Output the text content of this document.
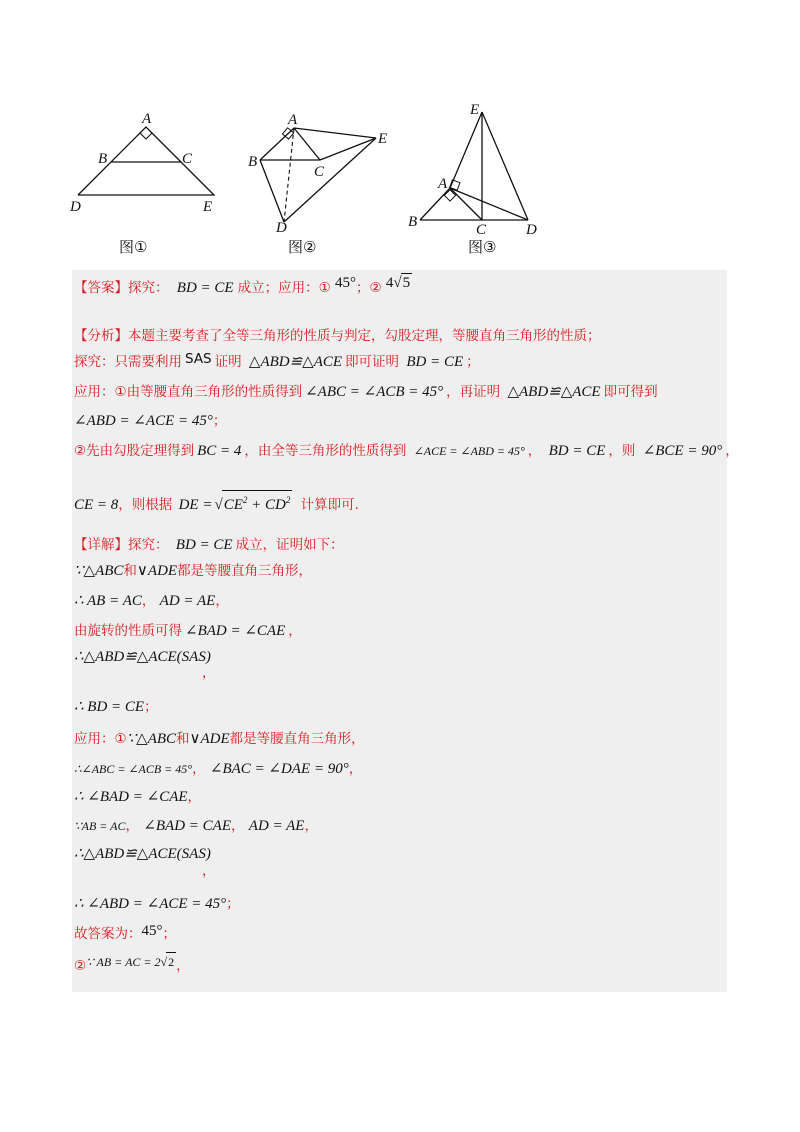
A
B	C
D	E
图①
A
B
C
D
E
图②
E
A
B	C	D
图③
【答案】探究： BD = CE 成立；应用：① 45°；② 4√5
【分析】本题主要考查了全等三角形的性质与判定，勾股定理，等腰直角三角形的性质；
探究：只需要利用 SAS 证明 △ABD≌△ACE 即可证明 BD = CE ；
应用：①由等腰直角三角形的性质得到 ∠ABC = ∠ACB = 45° ，再证明 △ABD≌△ACE 即可得到
∠ABD = ∠ACE = 45°；
②先由勾股定理得到 BC = 4 ，由全等三角形的性质得到 ∠ACE = ∠ABD = 45° ， BD = CE ，则 ∠BCE = 90° ，
CE = 8，则根据 DE = $√CE^2 + CD^2$ 计算即可.
【详解】探究： BD = CE 成立，证明如下：
∵△ABC和∨ADE都是等腰直角三角形，
∴ AB = AC， AD = AE，
由旋转的性质可得 ∠BAD = ∠CAE ，
∴△ABD≌△ACE(SAS)
，
∴ BD = CE；
应用：①∵△ABC和∨ADE都是等腰直角三角形，
∴∠ABC = ∠ACB = 45°， ∠BAC = ∠DAE = 90°，
∴ ∠BAD = ∠CAE，
∵AB = AC， ∠BAD = CAE， AD = AE，
∴△ABD≌△ACE(SAS)
，
∴ ∠ABD = ∠ACE = 45°；
故答案为：45°；
②∵ AB = AC = 2√2 ，
